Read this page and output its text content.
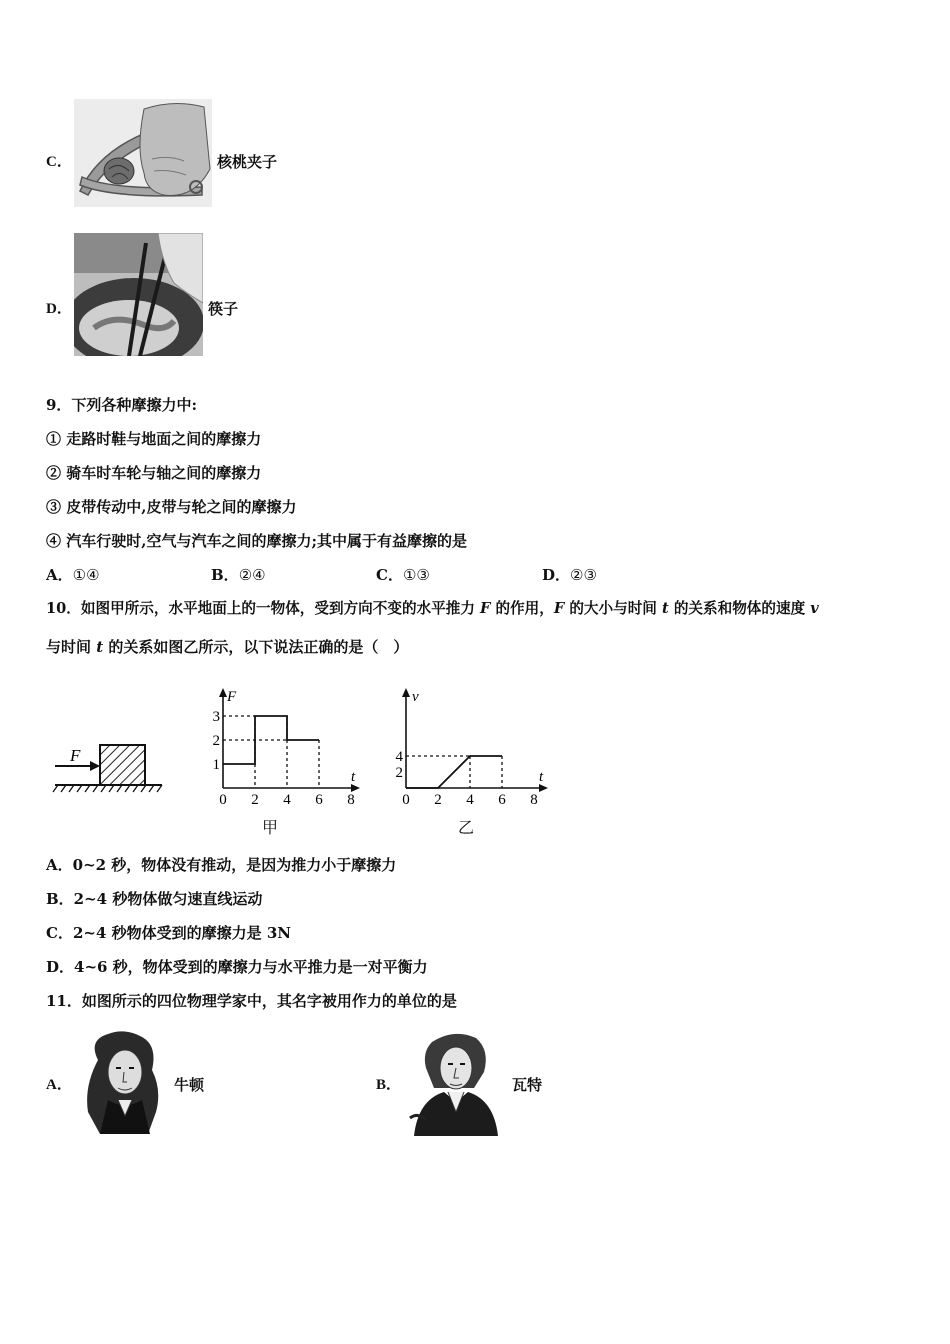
C．	核桃夹子
D．	筷子
9．下列各种摩擦力中:
① 走路时鞋与地面之间的摩擦力
② 骑车时车轮与轴之间的摩擦力
③ 皮带传动中,皮带与轮之间的摩擦力
④ 汽车行驶时,空气与汽车之间的摩擦力;其中属于有益摩擦的是
A．①④	B．②④	C．①③	D．②③
10．如图甲所示，水平地面上的一物体，受到方向不变的水平推力 F 的作用，F 的大小与时间 t 的关系和物体的速度 v
与时间 t 的关系如图乙所示，以下说法正确的是（　）
F
F
t
0 2 4 6 8
1
2
3
甲
v
t
0 2 4 6 8
2
4
乙
A．0~2 秒，物体没有推动，是因为推力小于摩擦力
B．2~4 秒物体做匀速直线运动
C．2~4 秒物体受到的摩擦力是 3N
D．4~6 秒，物体受到的摩擦力与水平推力是一对平衡力
11．如图所示的四位物理学家中，其名字被用作力的单位的是
A．	牛顿	B．	瓦特
